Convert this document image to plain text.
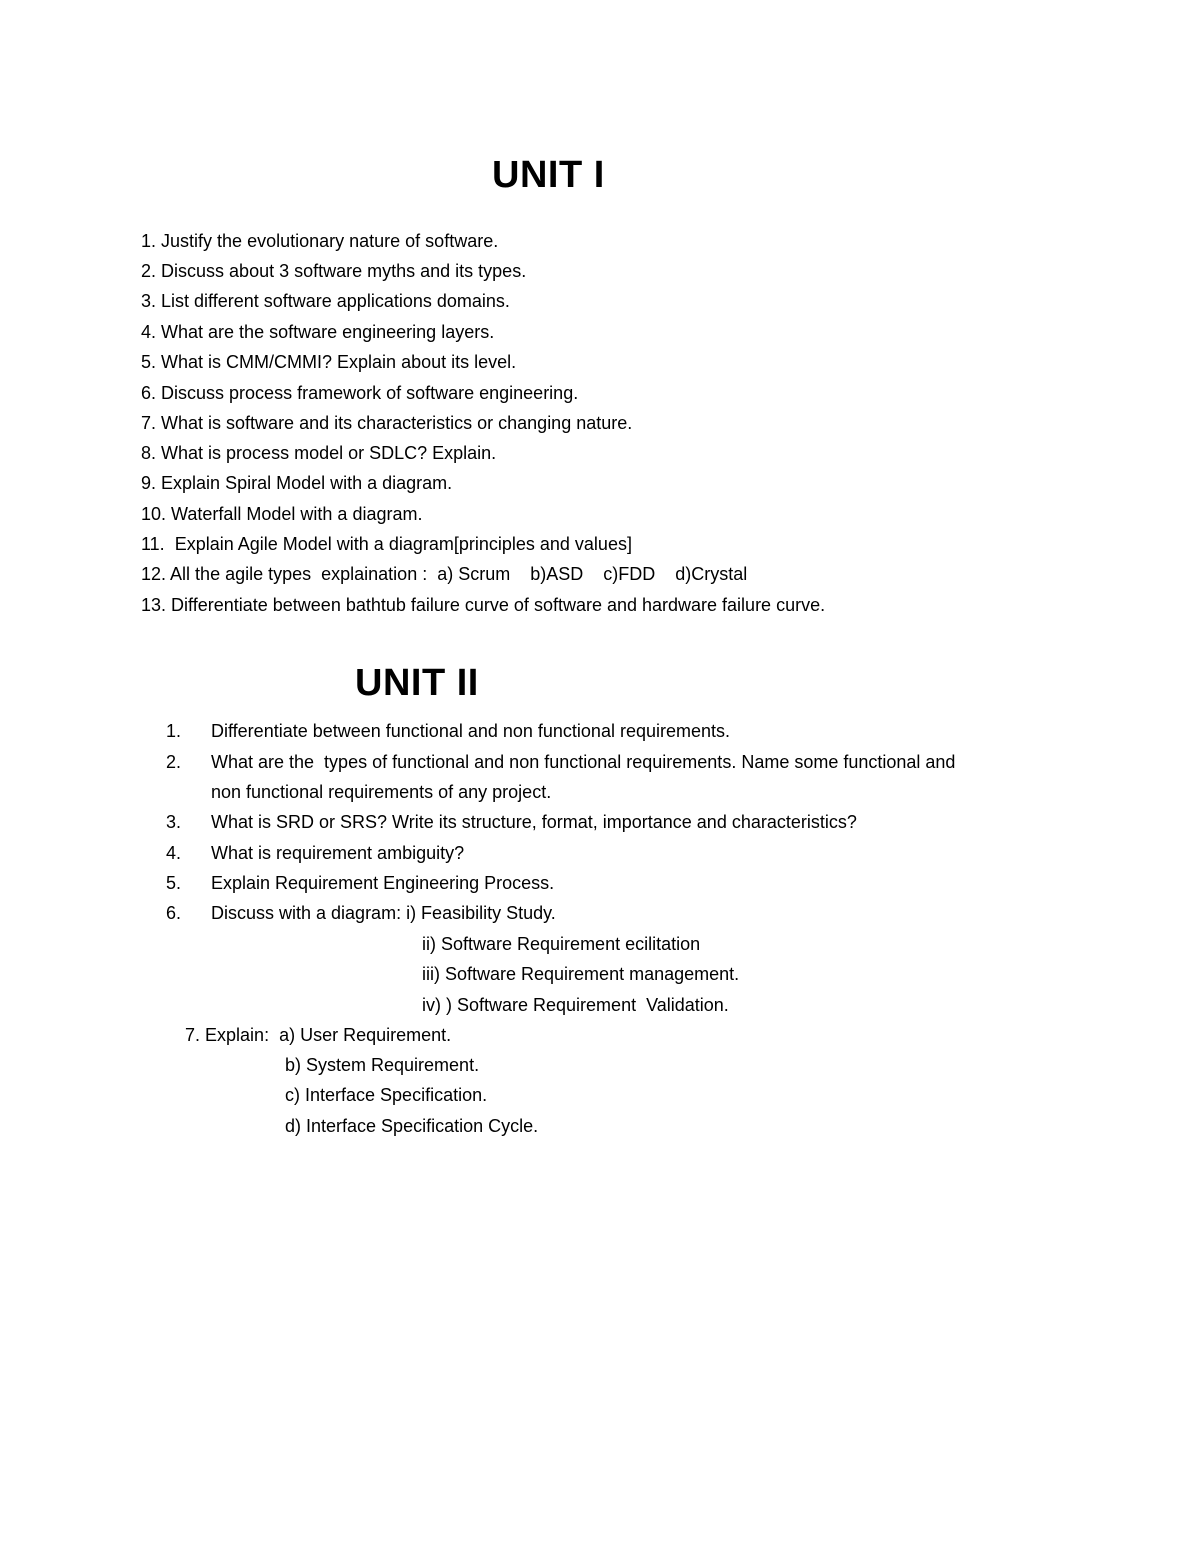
UNIT I
1. Justify the evolutionary nature of software.
2. Discuss about 3 software myths and its types.
3. List different software applications domains.
4. What are the software engineering layers.
5. What is CMM/CMMI? Explain about its level.
6. Discuss process framework of software engineering.
7. What is software and its characteristics or changing nature.
8. What is process model or SDLC? Explain.
9. Explain Spiral Model with a diagram.
10. Waterfall Model with a diagram.
11. Explain Agile Model with a diagram[principles and values]
12. All the agile types  explaination :  a) Scrum    b)ASD    c)FDD    d)Crystal
13. Differentiate between bathtub failure curve of software and hardware failure curve.
UNIT II
1. Differentiate between functional and non functional requirements.
2. What are the  types of functional and non functional requirements. Name some functional and
non functional requirements of any project.
3. What is SRD or SRS? Write its structure, format, importance and characteristics?
4. What is requirement ambiguity?
5. Explain Requirement Engineering Process.
6. Discuss with a diagram: i) Feasibility Study.
ii) Software Requirement ecilitation
iii) Software Requirement management.
iv) ) Software Requirement  Validation.
7. Explain:  a) User Requirement.
b) System Requirement.
c) Interface Specification.
d) Interface Specification Cycle.
